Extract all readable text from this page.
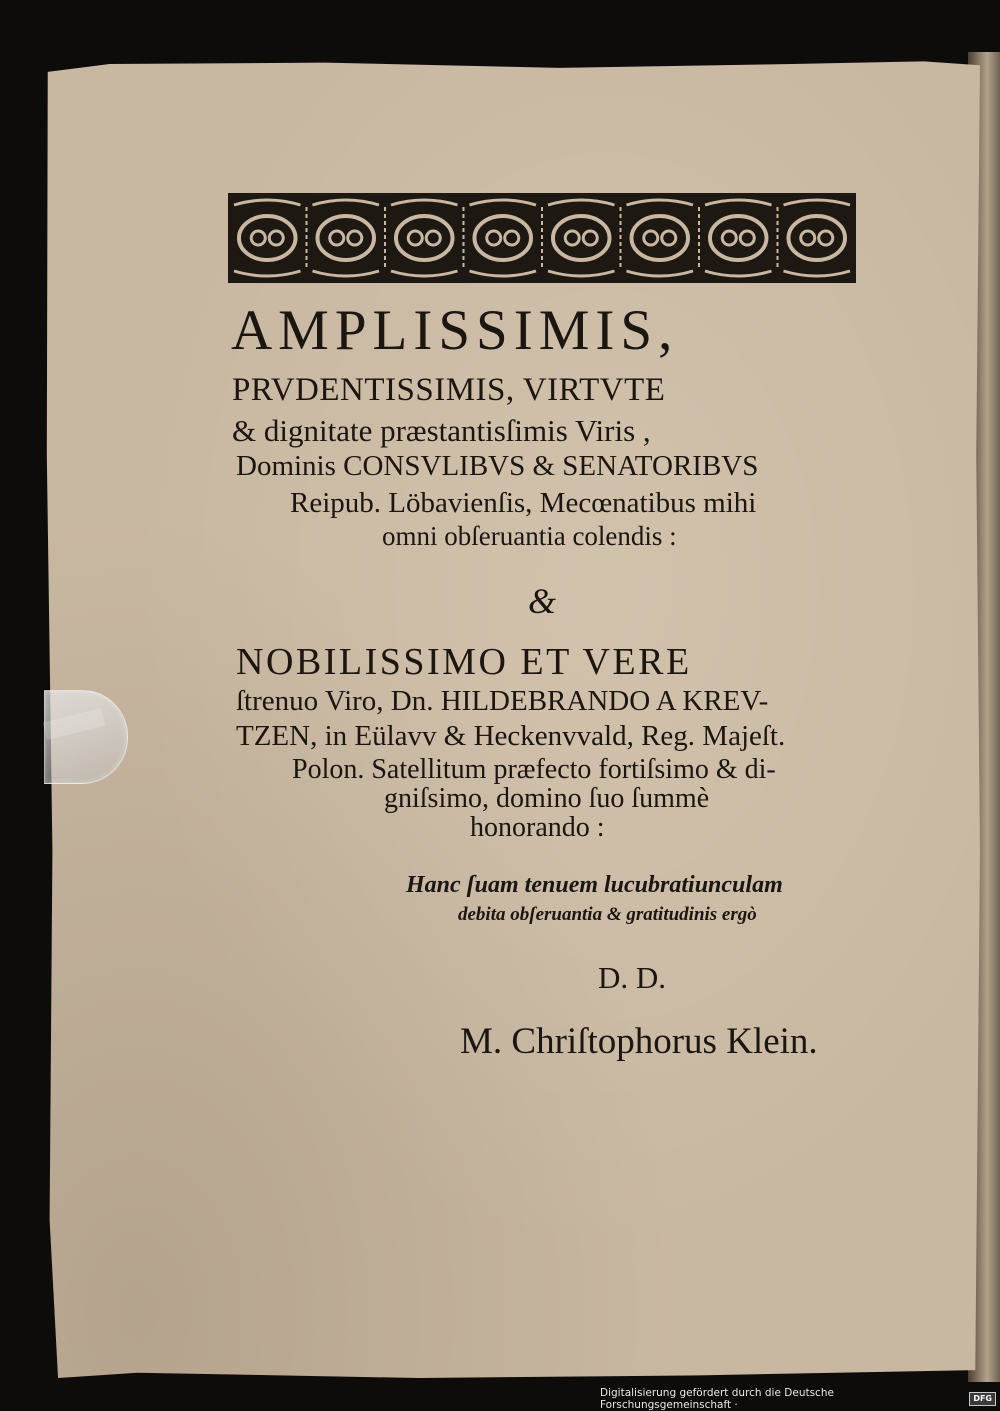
AMPLISSIMIS,
PRVDENTISSIMIS, VIRTVTE
& dignitate præstantisſimis Viris ,
Dominis CONSVLIBVS & SENATORIBVS
Reipub. Löbavienſis, Mecœnatibus mihi
omni obſeruantia colendis :
&
NOBILISSIMO ET VERE
ſtrenuo Viro, Dn. HILDEBRANDO A KREV-
TZEN, in Eülavv & Heckenvvald, Reg. Majeſt.
Polon. Satellitum præfecto fortiſsimo & di-
gniſsimo, domino ſuo ſummè
honorando :
Hanc ſuam tenuem lucubratiunculam
debita obſeruantia & gratitudinis ergò
D. D.
M. Chriſtophorus Klein.
Digitalisierung gefördert durch die Deutsche Forschungsgemeinschaft ·	DFG
